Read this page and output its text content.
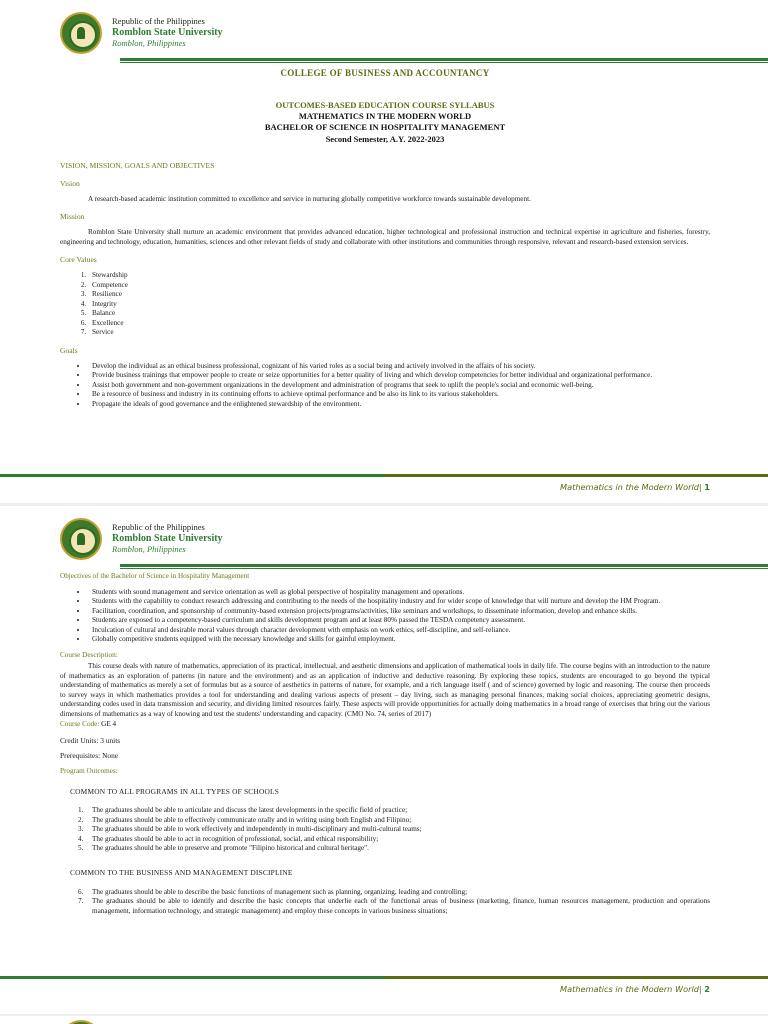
Republic of the Philippines
Romblon State University
Romblon, Philippines
COLLEGE OF BUSINESS AND ACCOUNTANCY
OUTCOMES-BASED EDUCATION COURSE SYLLABUS
MATHEMATICS IN THE MODERN WORLD
BACHELOR OF SCIENCE IN HOSPITALITY MANAGEMENT
Second Semester, A.Y. 2022-2023
VISION, MISSION, GOALS AND OBJECTIVES
Vision
A research-based academic institution committed to excellence and service in nurturing globally competitive workforce towards sustainable development.
Mission
Romblon State University shall nurture an academic environment that provides advanced education, higher technological and professional instruction and technical expertise in agriculture and fisheries, forestry, engineering and technology, education, humanities, sciences and other relevant fields of study and collaborate with other institutions and communities through responsive, relevant and research-based extension services.
Core Values
1. Stewardship
2. Competence
3. Resilience
4. Integrity
5. Balance
6. Excellence
7. Service
Goals
• Develop the individual as an ethical business professional, cognizant of his varied roles as a social being and actively involved in the affairs of his society.
• Provide business trainings that empower people to create or seize opportunities for a better quality of living and which develop competencies for better individual and organizational performance.
• Assist both government and non-government organizations in the development and administration of programs that seek to uplift the people's social and economic well-being.
• Be a resource of business and industry in its continuing efforts to achieve optimal performance and be also its link to its various stakeholders.
• Propagate the ideals of good governance and the enlightened stewardship of the environment.
Mathematics in the Modern World| 1
Republic of the Philippines
Romblon State University
Romblon, Philippines
Objectives of the Bachelor of Science in Hospitality Management
• Students with sound management and service orientation as well as global perspective of hospitality management and operations.
• Students with the capability to conduct research addressing and contributing to the needs of the hospitality industry and for wider scope of knowledge that will nurture and develop the HM Program.
• Facilitation, coordination, and sponsorship of community-based extension projects/programs/activities, like seminars and workshops, to disseminate information, develop and enhance skills.
• Students are exposed to a competency-based curriculum and skills development program and at least 80% passed the TESDA competency assessment.
• Inculcation of cultural and desirable moral values through character development with emphasis on work ethics, self-discipline, and self-reliance.
• Globally competitive students equipped with the necessary knowledge and skills for gainful employment.
Course Description:
This course deals with nature of mathematics, appreciation of its practical, intellectual, and aesthetic dimensions and application of mathematical tools in daily life. The course begins with an introduction to the nature of mathematics as an exploration of patterns (in nature and the environment) and as an application of inductive and deductive reasoning. By exploring these topics, students are encouraged to go beyond the typical understanding of mathematics as merely a set of formulas but as a source of aesthetics in patterns of nature, for example, and a rich language itself ( and of science) governed by logic and reasoning. The course then proceeds to survey ways in which mathematics provides a tool for understanding and dealing various aspects of present – day living, such as managing personal finances, making social choices, appreciating geometric designs, understanding codes used in data transmission and security, and dividing limited resources fairly. These aspects will provide opportunities for actually doing mathematics in a broad range of exercises that bring out the various dimensions of mathematics as a way of knowing and test the students' understanding and capacity. (CMO No. 74, series of 2017)
Course Code: GE 4
Credit Units: 3 units
Prerequisites: None
Program Outcomes:
COMMON TO ALL PROGRAMS IN ALL TYPES OF SCHOOLS
1.	The graduates should be able to articulate and discuss the latest developments in the specific field of practice;
2.	The graduates should be able to effectively communicate orally and in writing using both English and Filipino;
3.	The graduates should be able to work effectively and independently in multi-disciplinary and multi-cultural teams;
4.	The graduates should be able to act in recognition of professional, social, and ethical responsibility;
5.	The graduates should be able to preserve and promote "Filipino historical and cultural heritage".
COMMON TO THE BUSINESS AND MANAGEMENT DISCIPLINE
6.	The graduates should be able to describe the basic functions of management such as planning, organizing, leading and controlling;
7.	The graduates should be able to identify and describe the basic concepts that underlie each of the functional areas of business (marketing, finance, human resources management, production and operations management, information technology, and strategic management) and employ these concepts in various business situations;
Mathematics in the Modern World| 2
